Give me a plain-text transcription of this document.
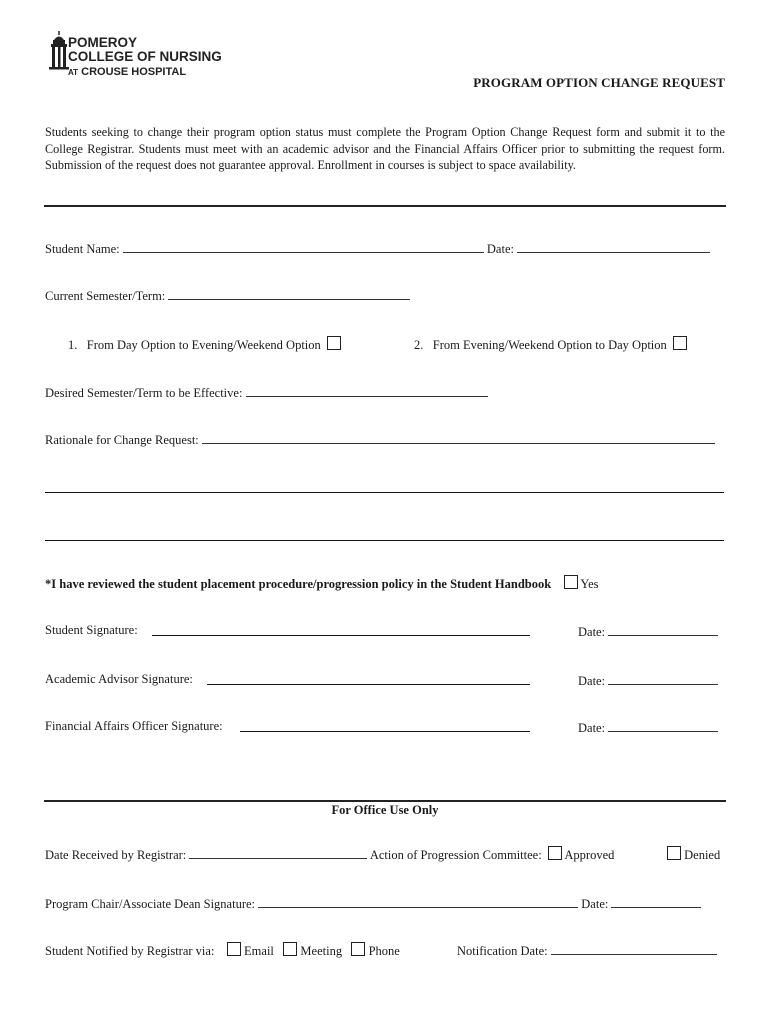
POMEROY
COLLEGE OF NURSING
AT CROUSE HOSPITAL
PROGRAM OPTION CHANGE REQUEST
Students seeking to change their program option status must complete the Program Option Change Request form and submit it to the College Registrar. Students must meet with an academic advisor and the Financial Affairs Officer prior to submitting the request form. Submission of the request does not guarantee approval. Enrollment in courses is subject to space availability.
Student Name:	Date:
Current Semester/Term:
1. From Day Option to Evening/Weekend Option	2. From Evening/Weekend Option to Day Option
Desired Semester/Term to be Effective:
Rationale for Change Request:
*I have reviewed the student placement procedure/progression policy in the Student Handbook Yes
Student Signature:	Date:
Academic Advisor Signature:	Date:
Financial Affairs Officer Signature:	Date:
For Office Use Only
Date Received by Registrar:	Action of Progression Committee: Approved	Denied
Program Chair/Associate Dean Signature:	Date:
Student Notified by Registrar via: Email Meeting Phone	Notification Date:
